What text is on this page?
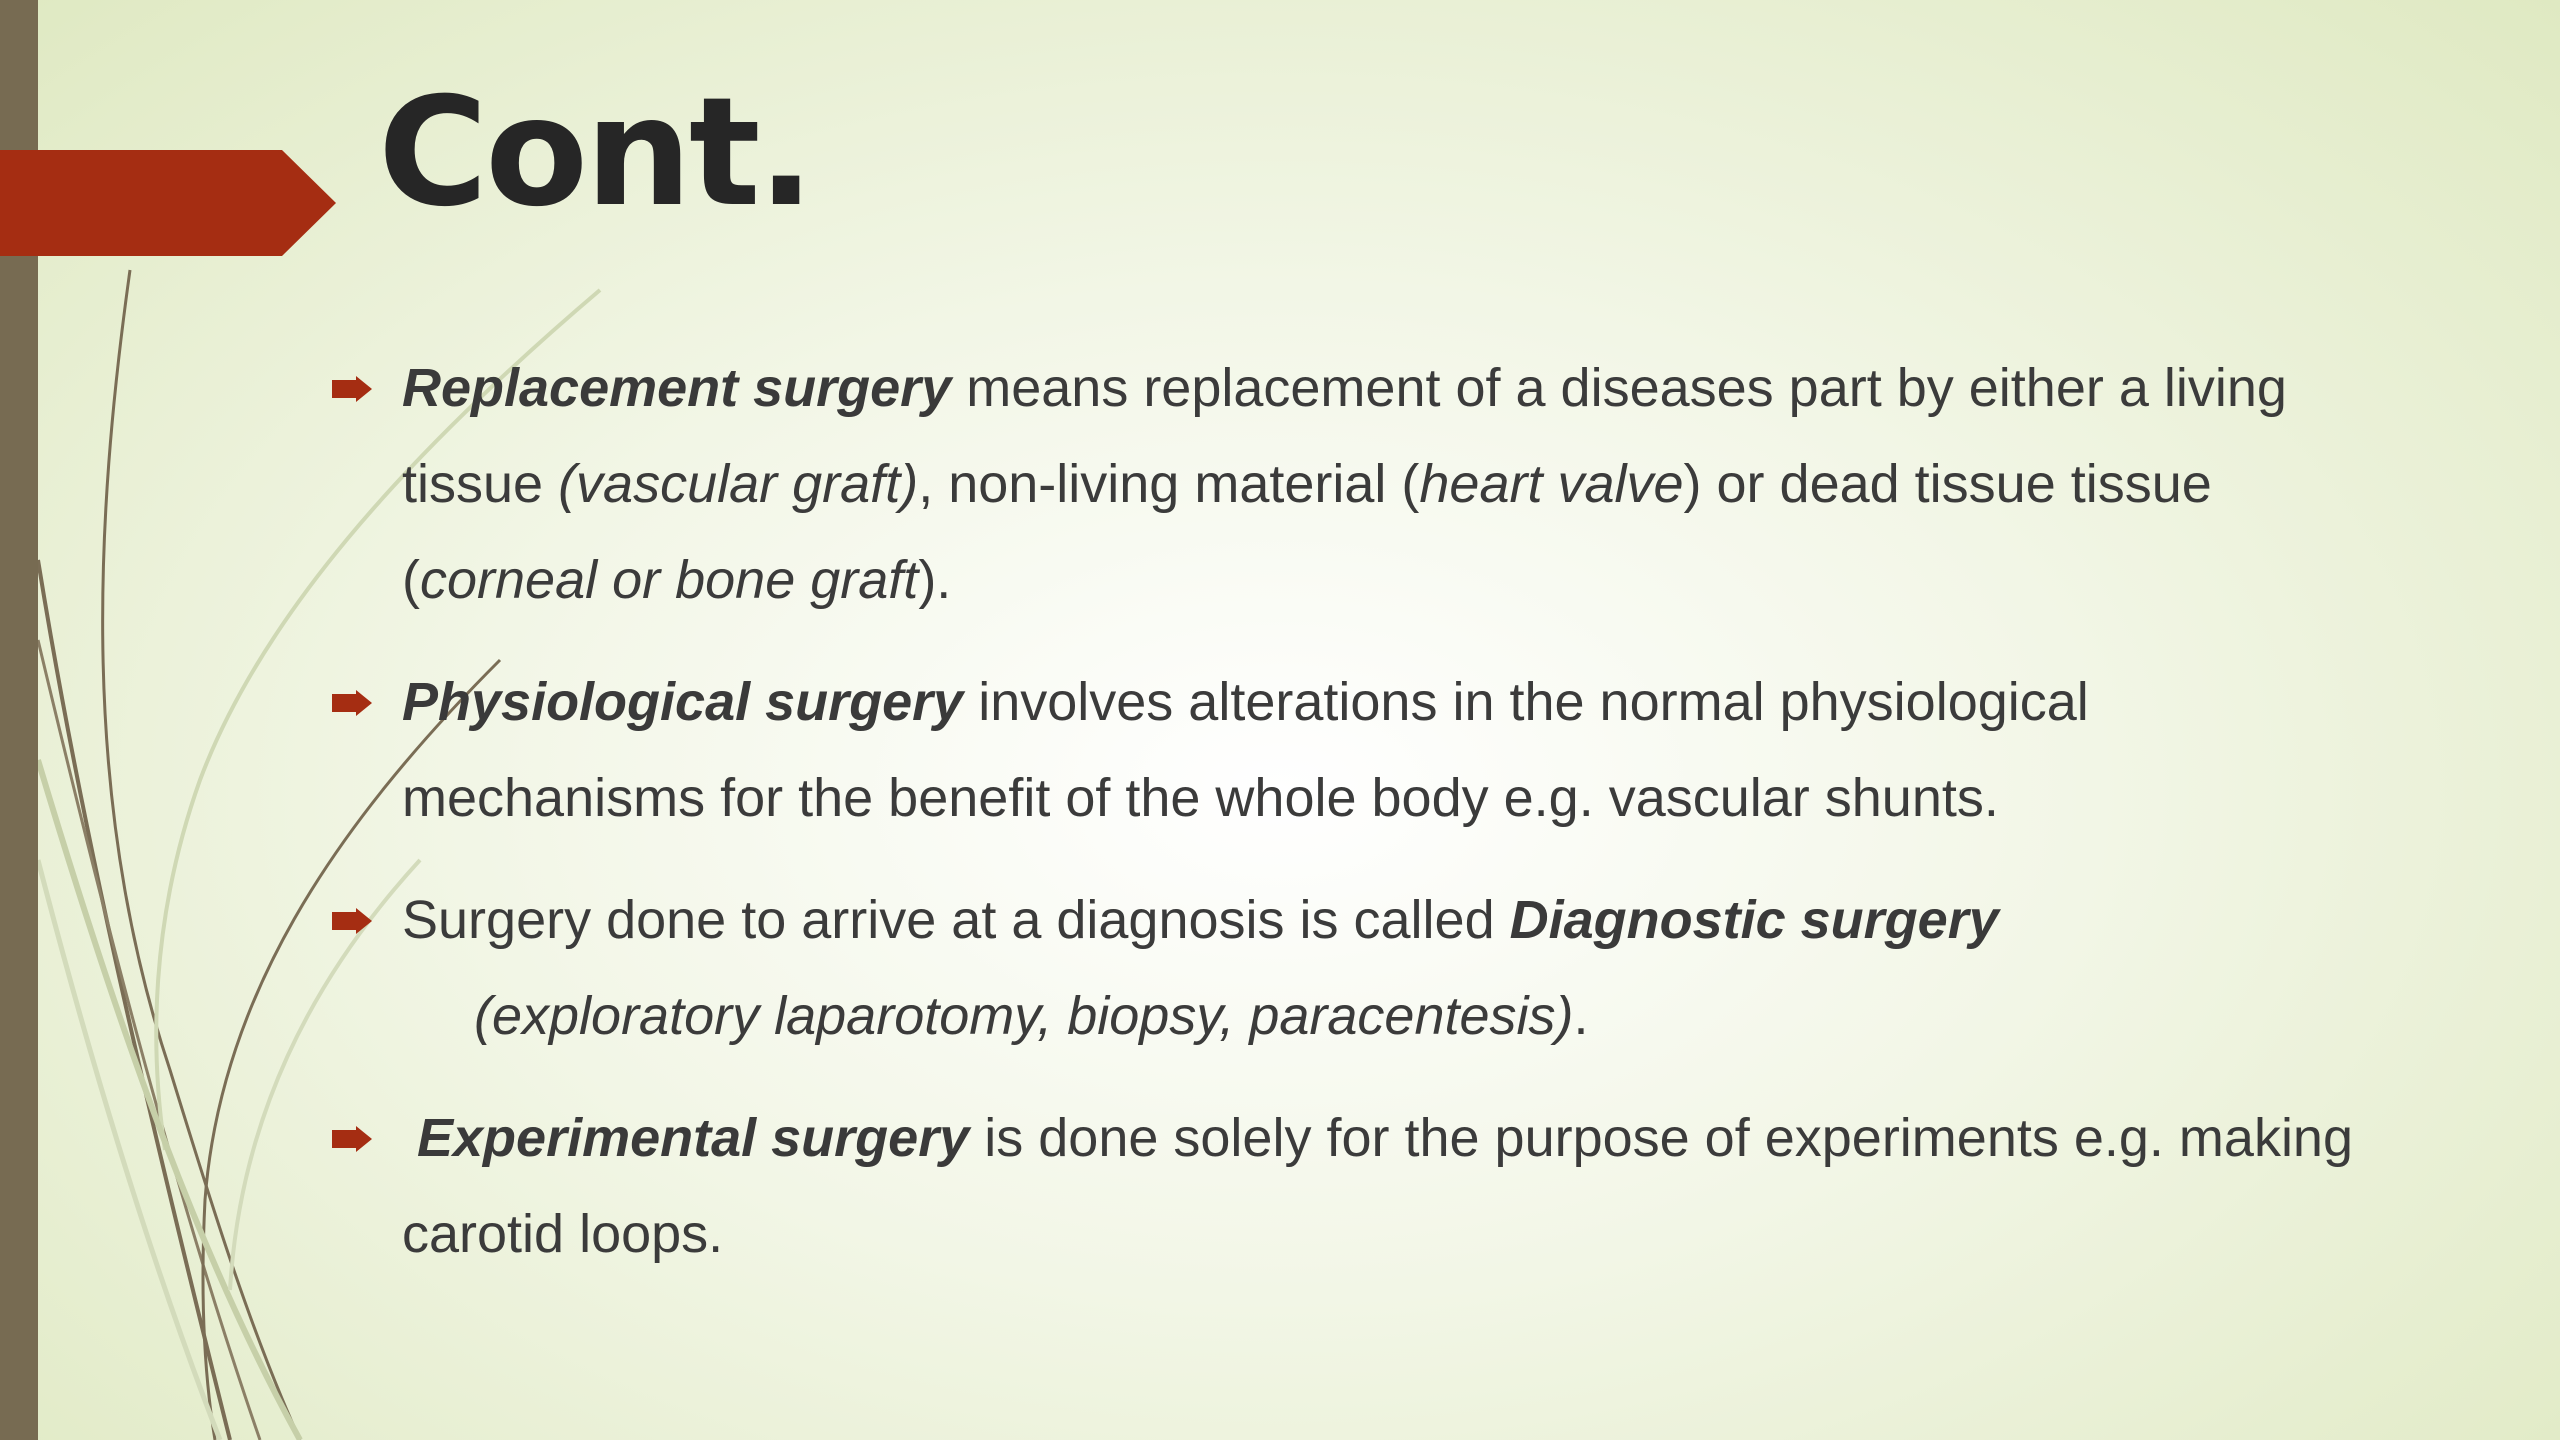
Cont.
Replacement surgery means replacement of a diseases part by either a living tissue (vascular graft), non-living material (heart valve) or dead tissue tissue (corneal or bone graft).
Physiological surgery involves alterations in the normal physiological mechanisms for the benefit of the whole body e.g. vascular shunts.
Surgery done to arrive at a diagnosis is called Diagnostic surgery
(exploratory laparotomy, biopsy, paracentesis).
Experimental surgery is done solely for the purpose of experiments e.g. making carotid loops.
